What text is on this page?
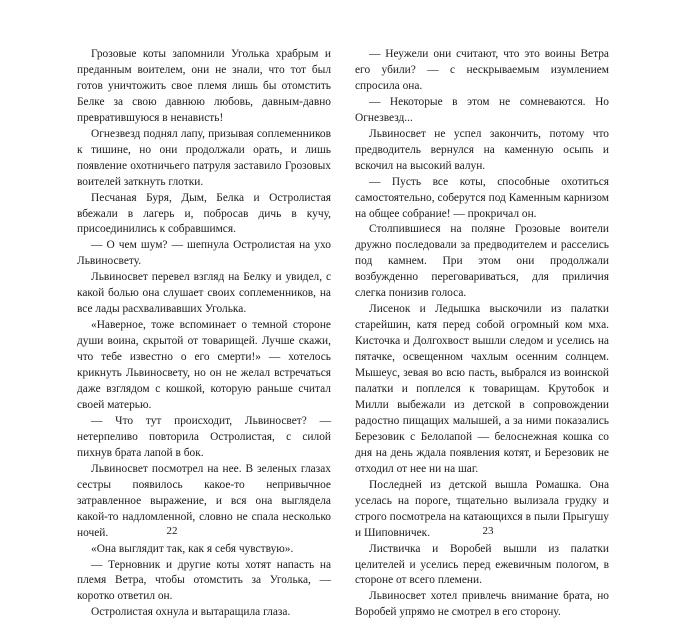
Грозовые коты запомнили Уголька храбрым и преданным воителем, они не знали, что тот был готов уничтожить свое племя лишь бы отомстить Белке за свою давнюю любовь, давным-давно превратившуюся в ненависть!

Огнезвезд поднял лапу, призывая соплеменников к тишине, но они продолжали орать, и лишь появление охотничьего патруля заставило Грозовых воителей заткнуть глотки.

Песчаная Буря, Дым, Белка и Остролистая вбежали в лагерь и, побросав дичь в кучу, присоединились к собравшимся.

— О чем шум? — шепнула Остролистая на ухо Львиносвету.

Львиносвет перевел взгляд на Белку и увидел, с какой болью она слушает своих соплеменников, на все лады расхваливавших Уголька.

«Наверное, тоже вспоминает о темной стороне души воина, скрытой от товарищей. Лучше скажи, что тебе известно о его смерти!» — хотелось крикнуть Львиносвету, но он не желал встречаться даже взглядом с кошкой, которую раньше считал своей матерью.

— Что тут происходит, Львиносвет? — нетерпеливо повторила Остролистая, с силой пихнув брата лапой в бок.

Львиносвет посмотрел на нее. В зеленых глазах сестры появилось какое-то непривычное затравленное выражение, и вся она выглядела какой-то надломленной, словно не спала несколько ночей.

«Она выглядит так, как я себя чувствую».

— Терновник и другие коты хотят напасть на племя Ветра, чтобы отомстить за Уголька, — коротко ответил он.

Остролистая охнула и вытаращила глаза.

22

— Неужели они считают, что это воины Ветра его убили? — с нескрываемым изумлением спросила она.

— Некоторые в этом не сомневаются. Но Огнезвезд...

Львиносвет не успел закончить, потому что предводитель вернулся на каменную осыпь и вскочил на высокий валун.

— Пусть все коты, способные охотиться самостоятельно, соберутся под Каменным карнизом на общее собрание! — прокричал он.

Столпившиеся на поляне Грозовые воители дружно последовали за предводителем и расселись под камнем. При этом они продолжали возбужденно переговариваться, для приличия слегка понизив голоса.

Лисенок и Ледышка выскочили из палатки старейшин, катя перед собой огромный ком мха. Кисточка и Долгохвост вышли следом и уселись на пятачке, освещенном чахлым осенним солнцем. Мышеус, зевая во всю пасть, выбрался из воинской палатки и поплелся к товарищам. Крутобок и Милли выбежали из детской в сопровождении радостно пищащих малышей, а за ними показались Березовик с Белолапой — белоснежная кошка со дня на день ждала появления котят, и Березовик не отходил от нее ни на шаг.

Последней из детской вышла Ромашка. Она уселась на пороге, тщательно вылизала грудку и строго посмотрела на катающихся в пыли Прыгушу и Шиповничек.

Листвичка и Воробей вышли из палатки целителей и уселись перед ежевичным пологом, в стороне от всего племени.

Львиносвет хотел привлечь внимание брата, но Воробей упрямо не смотрел в его сторону.

23
